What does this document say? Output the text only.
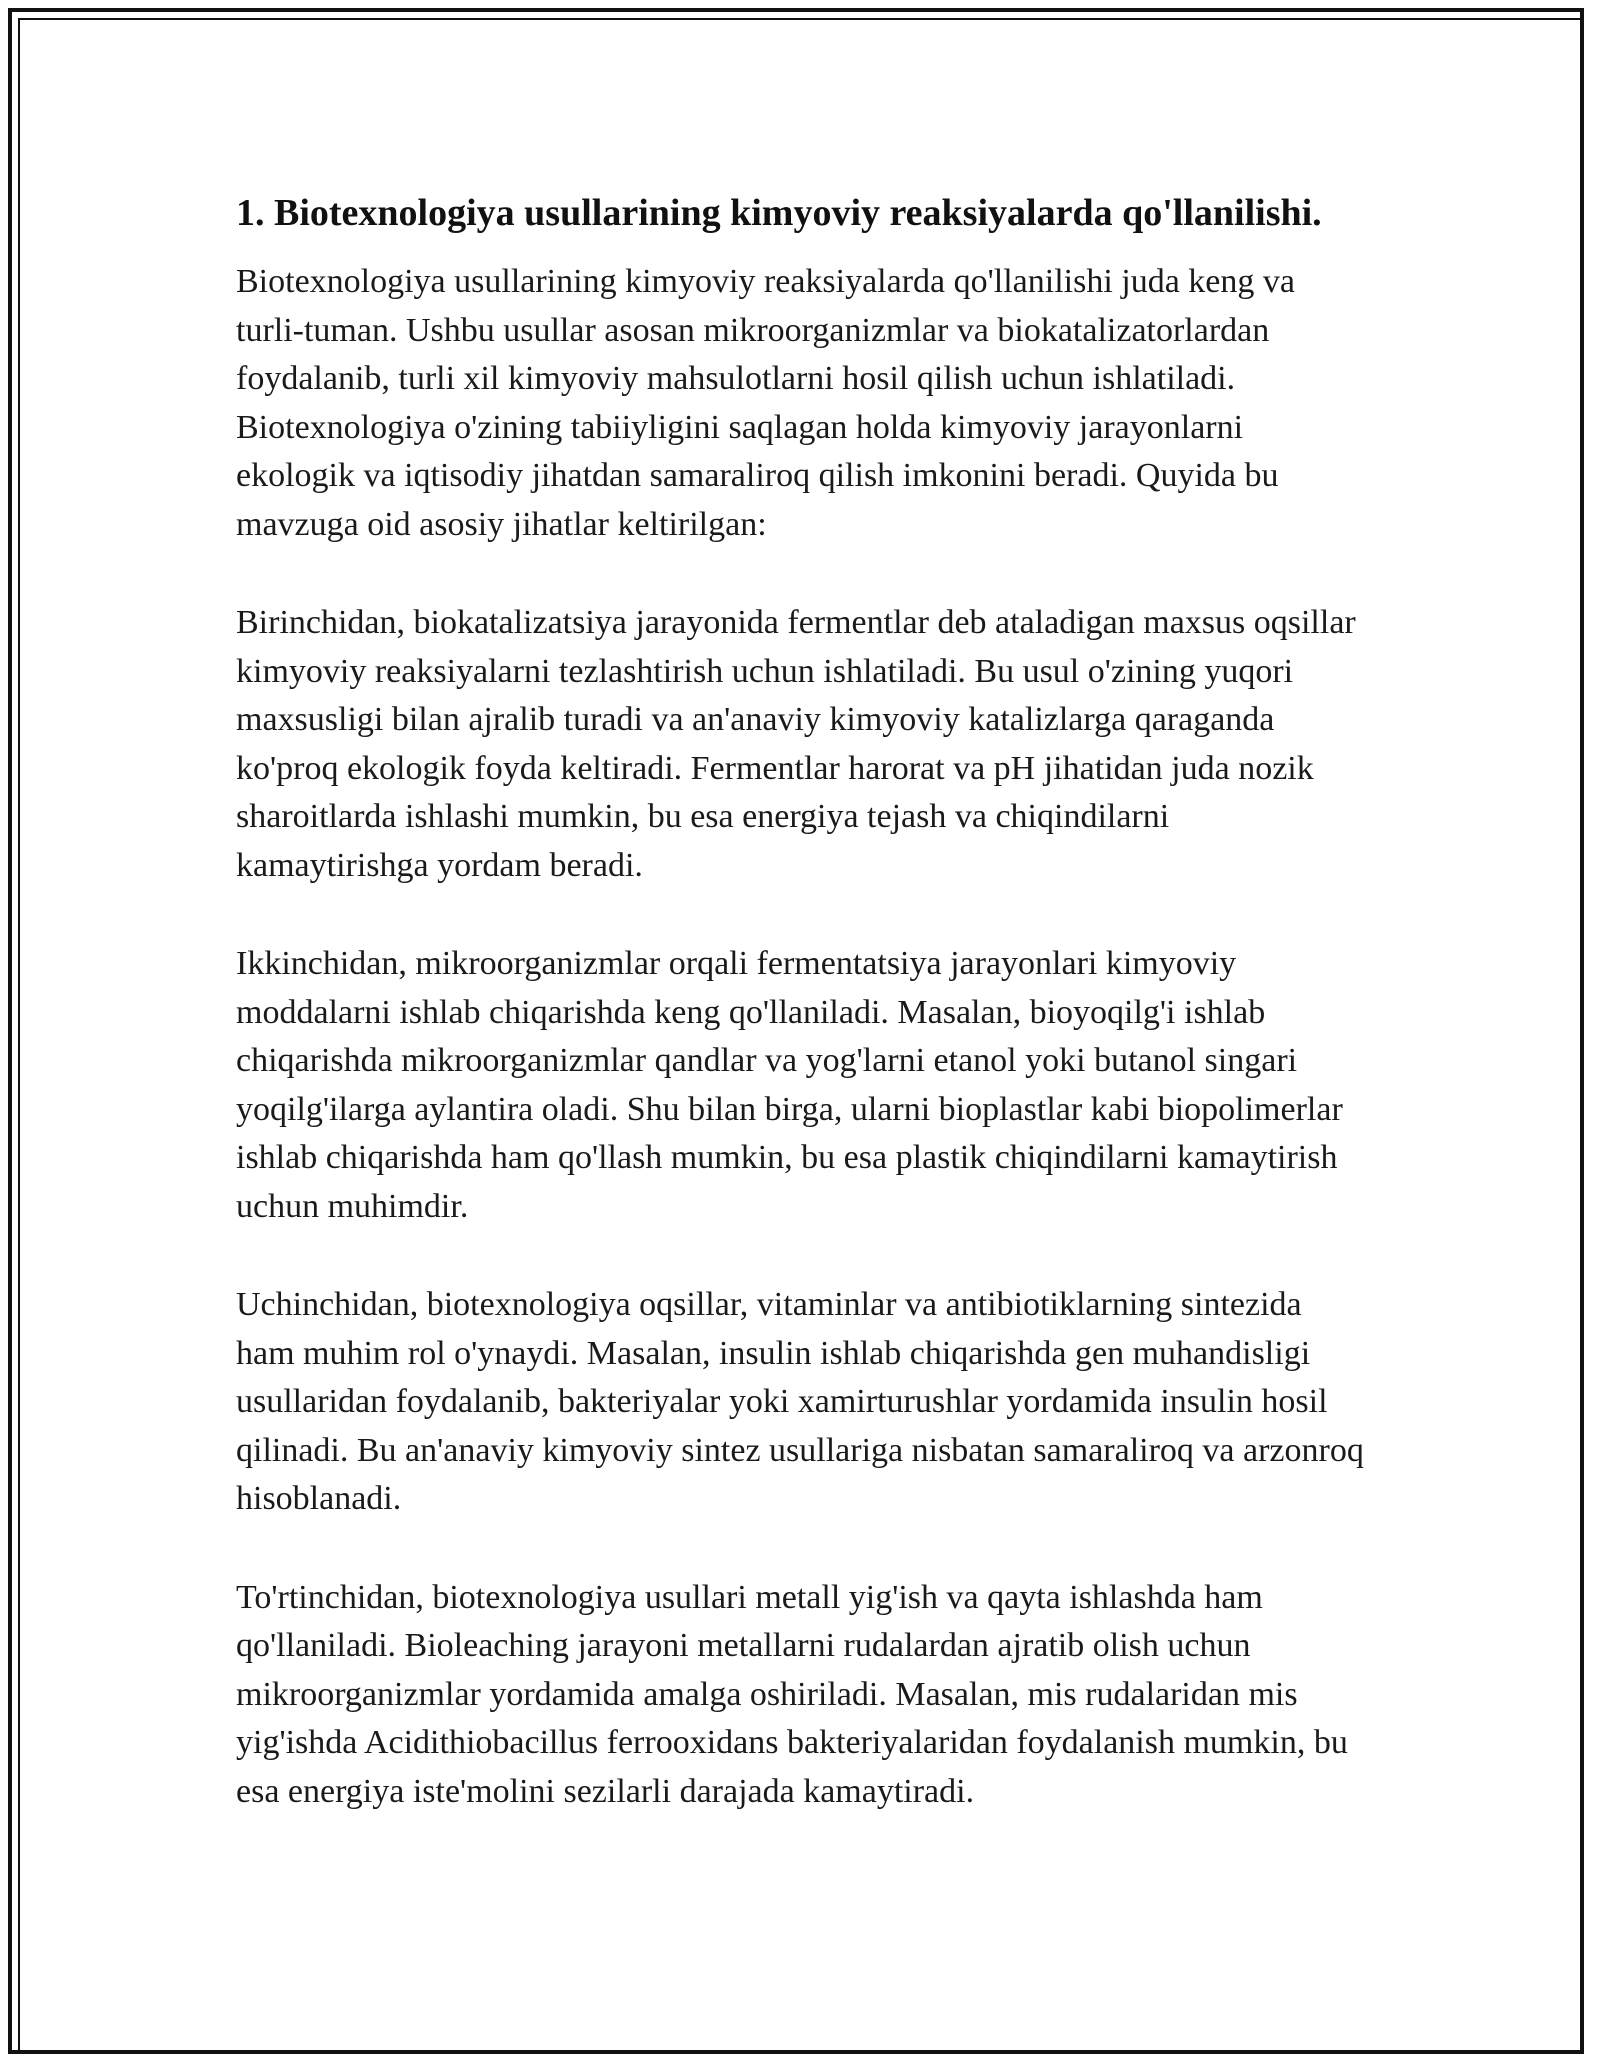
1. Biotexnologiya usullarining kimyoviy reaksiyalarda qo'llanilishi.

Biotexnologiya usullarining kimyoviy reaksiyalarda qo'llanilishi juda keng va turli-tuman. Ushbu usullar asosan mikroorganizmlar va biokatalizatorlardan foydalanib, turli xil kimyoviy mahsulotlarni hosil qilish uchun ishlatiladi. Biotexnologiya o'zining tabiiyligini saqlagan holda kimyoviy jarayonlarni ekologik va iqtisodiy jihatdan samaraliroq qilish imkonini beradi. Quyida bu mavzuga oid asosiy jihatlar keltirilgan:

Birinchidan, biokatalizatsiya jarayonida fermentlar deb ataladigan maxsus oqsillar kimyoviy reaksiyalarni tezlashtirish uchun ishlatiladi. Bu usul o'zining yuqori maxsusligi bilan ajralib turadi va an'anaviy kimyoviy katalizlarga qaraganda ko'proq ekologik foyda keltiradi. Fermentlar harorat va pH jihatidan juda nozik sharoitlarda ishlashi mumkin, bu esa energiya tejash va chiqindilarni kamaytirishga yordam beradi.

Ikkinchidan, mikroorganizmlar orqali fermentatsiya jarayonlari kimyoviy moddalarni ishlab chiqarishda keng qo'llaniladi. Masalan, bioyoqilg'i ishlab chiqarishda mikroorganizmlar qandlar va yog'larni etanol yoki butanol singari yoqilg'ilarga aylantira oladi. Shu bilan birga, ularni bioplastlar kabi biopolimerlar ishlab chiqarishda ham qo'llash mumkin, bu esa plastik chiqindilarni kamaytirish uchun muhimdir.

Uchinchidan, biotexnologiya oqsillar, vitaminlar va antibiotiklarning sintezida ham muhim rol o'ynaydi. Masalan, insulin ishlab chiqarishda gen muhandisligi usullaridan foydalanib, bakteriyalar yoki xamirturushlar yordamida insulin hosil qilinadi. Bu an'anaviy kimyoviy sintez usullariga nisbatan samaraliroq va arzonroq hisoblanadi.

To'rtinchidan, biotexnologiya usullari metall yig'ish va qayta ishlashda ham qo'llaniladi. Bioleaching jarayoni metallarni rudalardan ajratib olish uchun mikroorganizmlar yordamida amalga oshiriladi. Masalan, mis rudalaridan mis yig'ishda Acidithiobacillus ferrooxidans bakteriyalaridan foydalanish mumkin, bu esa energiya iste'molini sezilarli darajada kamaytiradi.
